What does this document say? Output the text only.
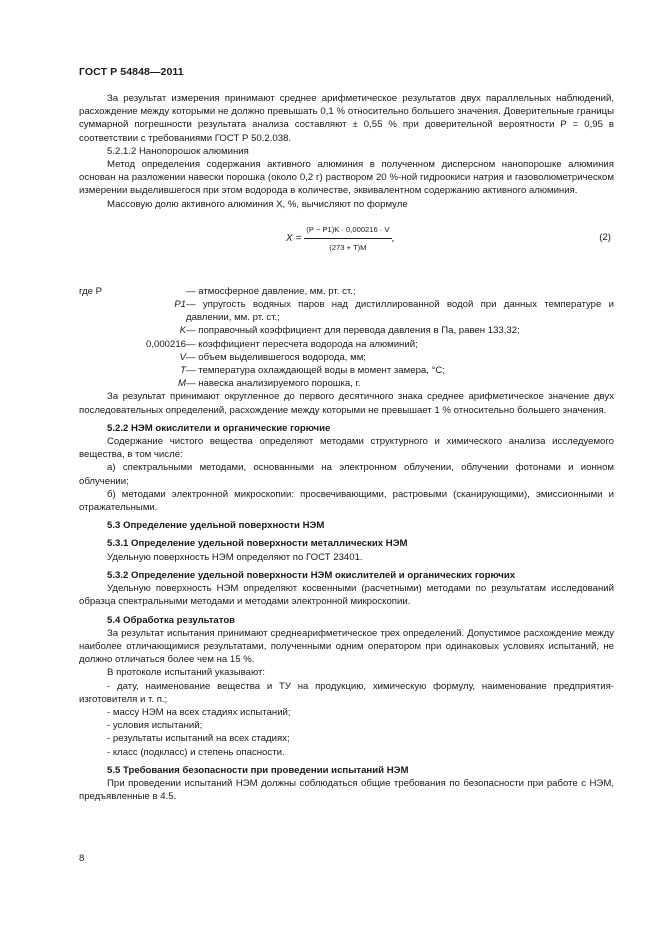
ГОСТ Р 54848—2011

За результат измерения принимают среднее арифметическое результатов двух параллельных наблюдений, расхождение между которыми не должно превышать 0,1 % относительно большего значения. Доверительные границы суммарной погрешности результата анализа составляют ± 0,55 % при доверительной вероятности P = 0,95 в соответствии с требованиями ГОСТ Р 50.2.038.

5.2.1.2 Нанопорошок алюминия

Метод определения содержания активного алюминия в полученном дисперсном нанопорошке алюминия основан на разложении навески порошка (около 0,2 г) раствором 20 %-ной гидроокиси натрия и газоволюметрическом измерении выделившегося при этом водорода в количестве, эквивалентном содержанию активного алюминия.

Массовую долю активного алюминия X, %, вычисляют по формуле

$X = \frac{(P - P1)K \cdot 0,000216 \cdot V}{(273 + T)M}$ ,	(2)
где P	— атмосферное давление, мм. рт. ст.;
P1 — упругость водяных паров над дистиллированной водой при данных температуре и давлении, мм. рт. ст.;
K — поправочный коэффициент для перевода давления в Па, равен 133,32;
0,000216 — коэффициент пересчета водорода на алюминий;
V — объем выделившегося водорода, мм;
T — температура охлаждающей воды в момент замера, °С;
M — навеска анализируемого порошка, г.

За результат принимают округленное до первого десятичного знака среднее арифметическое значение двух последовательных определений, расхождение между которыми не превышает 1 % относительно большего значения.

5.2.2 НЭМ окислители и органические горючие

Содержание чистого вещества определяют методами структурного и химического анализа исследуемого вещества, в том числе:

а) спектральными методами, основанными на электронном облучении, облучении фотонами и ионном облучении;

б) методами электронной микроскопии: просвечивающими, растровыми (сканирующими), эмиссионными и отражательными.

5.3 Определение удельной поверхности НЭМ

5.3.1 Определение удельной поверхности металлических НЭМ

Удельную поверхность НЭМ определяют по ГОСТ 23401.

5.3.2 Определение удельной поверхности НЭМ окислителей и органических горючих

Удельную поверхность НЭМ определяют косвенными (расчетными) методами по результатам исследований образца спектральными методами и методами электронной микроскопии.

5.4 Обработка результатов

За результат испытания принимают среднеарифметическое трех определений. Допустимое расхождение между наиболее отличающимися результатами, полученными одним оператором при одинаковых условиях испытаний, не должно отличаться более чем на 15 %.

В протоколе испытаний указывают:

- дату, наименование вещества и ТУ на продукцию, химическую формулу, наименование предприятия-изготовителя и т. п.;

- массу НЭМ на всех стадиях испытаний;

- условия испытаний;

- результаты испытаний на всех стадиях;

- класс (подкласс) и степень опасности.

5.5 Требования безопасности при проведении испытаний НЭМ

При проведении испытаний НЭМ должны соблюдаться общие требования по безопасности при работе с НЭМ, предъявленные в 4.5.

8
